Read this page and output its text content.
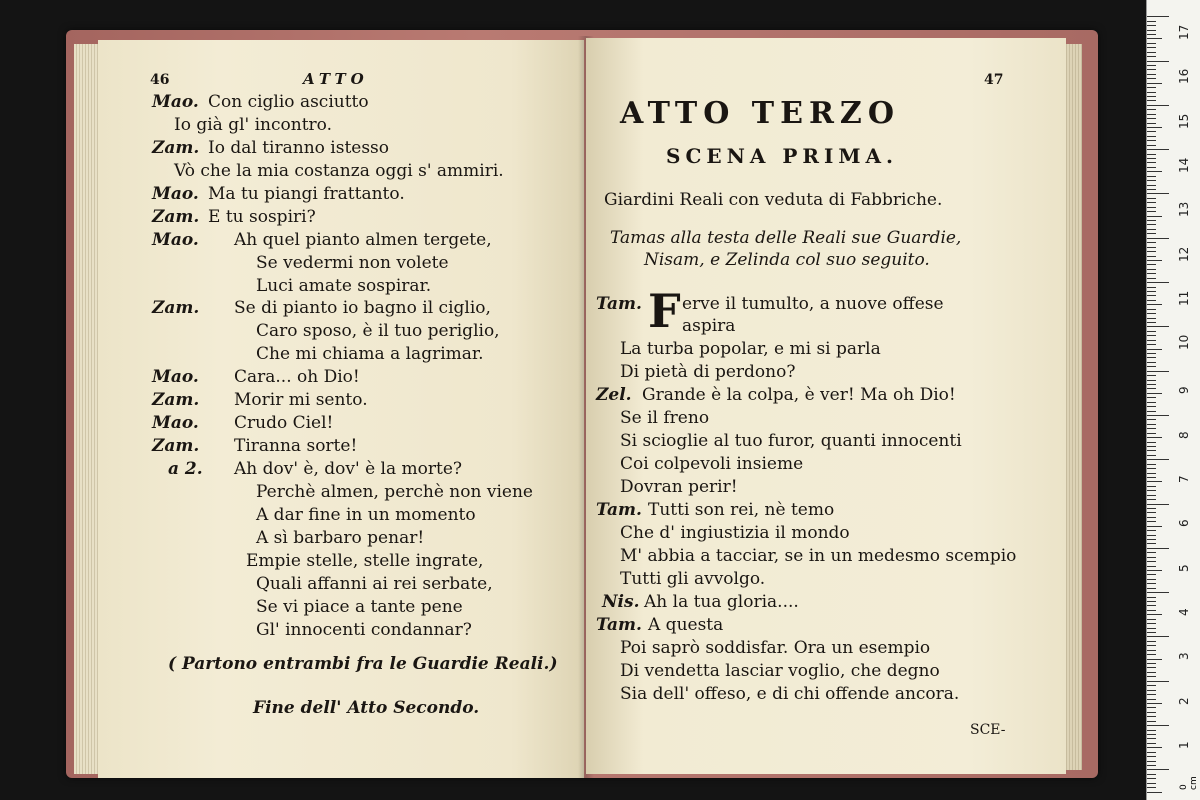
46	ATTO
Mao. Con ciglio asciutto
Io già gl' incontro.
Zam. Io dal tiranno istesso
Vò che la mia costanza oggi s' ammiri.
Mao. Ma tu piangi frattanto.
Zam. E tu sospiri?
Mao. Ah quel pianto almen tergete,
Se vedermi non volete
Luci amate sospirar.
Zam. Se di pianto io bagno il ciglio,
Caro sposo, è il tuo periglio,
Che mi chiama a lagrimar.
Mao. Cara... oh Dio!
Zam. Morir mi sento.
Mao. Crudo Ciel!
Zam. Tiranna sorte!
a 2. Ah dov' è, dov' è la morte?
Perchè almen, perchè non viene
A dar fine in un momento
A sì barbaro penar!
Empie stelle, stelle ingrate,
Quali affanni ai rei serbate,
Se vi piace a tante pene
Gl' innocenti condannar?
( Partono entrambi fra le Guardie Reali.)
Fine dell' Atto Secondo.
47
ATTO TERZO
SCENA PRIMA.
Giardini Reali con veduta di Fabbriche.
Tamas alla testa delle Reali sue Guardie,
Nisam, e Zelinda col suo seguito.
Tam. F erve il tumulto, a nuove offese
aspira
La turba popolar, e mi si parla
Di pietà di perdono?
Zel. Grande è la colpa, è ver! Ma oh Dio!
Se il freno
Si scioglie al tuo furor, quanti innocenti
Coi colpevoli insieme
Dovran perir!
Tam. Tutti son rei, nè temo
Che d' ingiustizia il mondo
M' abbia a tacciar, se in un medesmo scempio
Tutti gli avvolgo.
Nis. Ah la tua gloria....
Tam. A questa
Poi saprò soddisfar. Ora un esempio
Di vendetta lasciar voglio, che degno
Sia dell' offeso, e di chi offende ancora.
SCE-
17
16
15
14
13
12
11
10
9
8
7
6
5
4
3
2
1
0 cm
